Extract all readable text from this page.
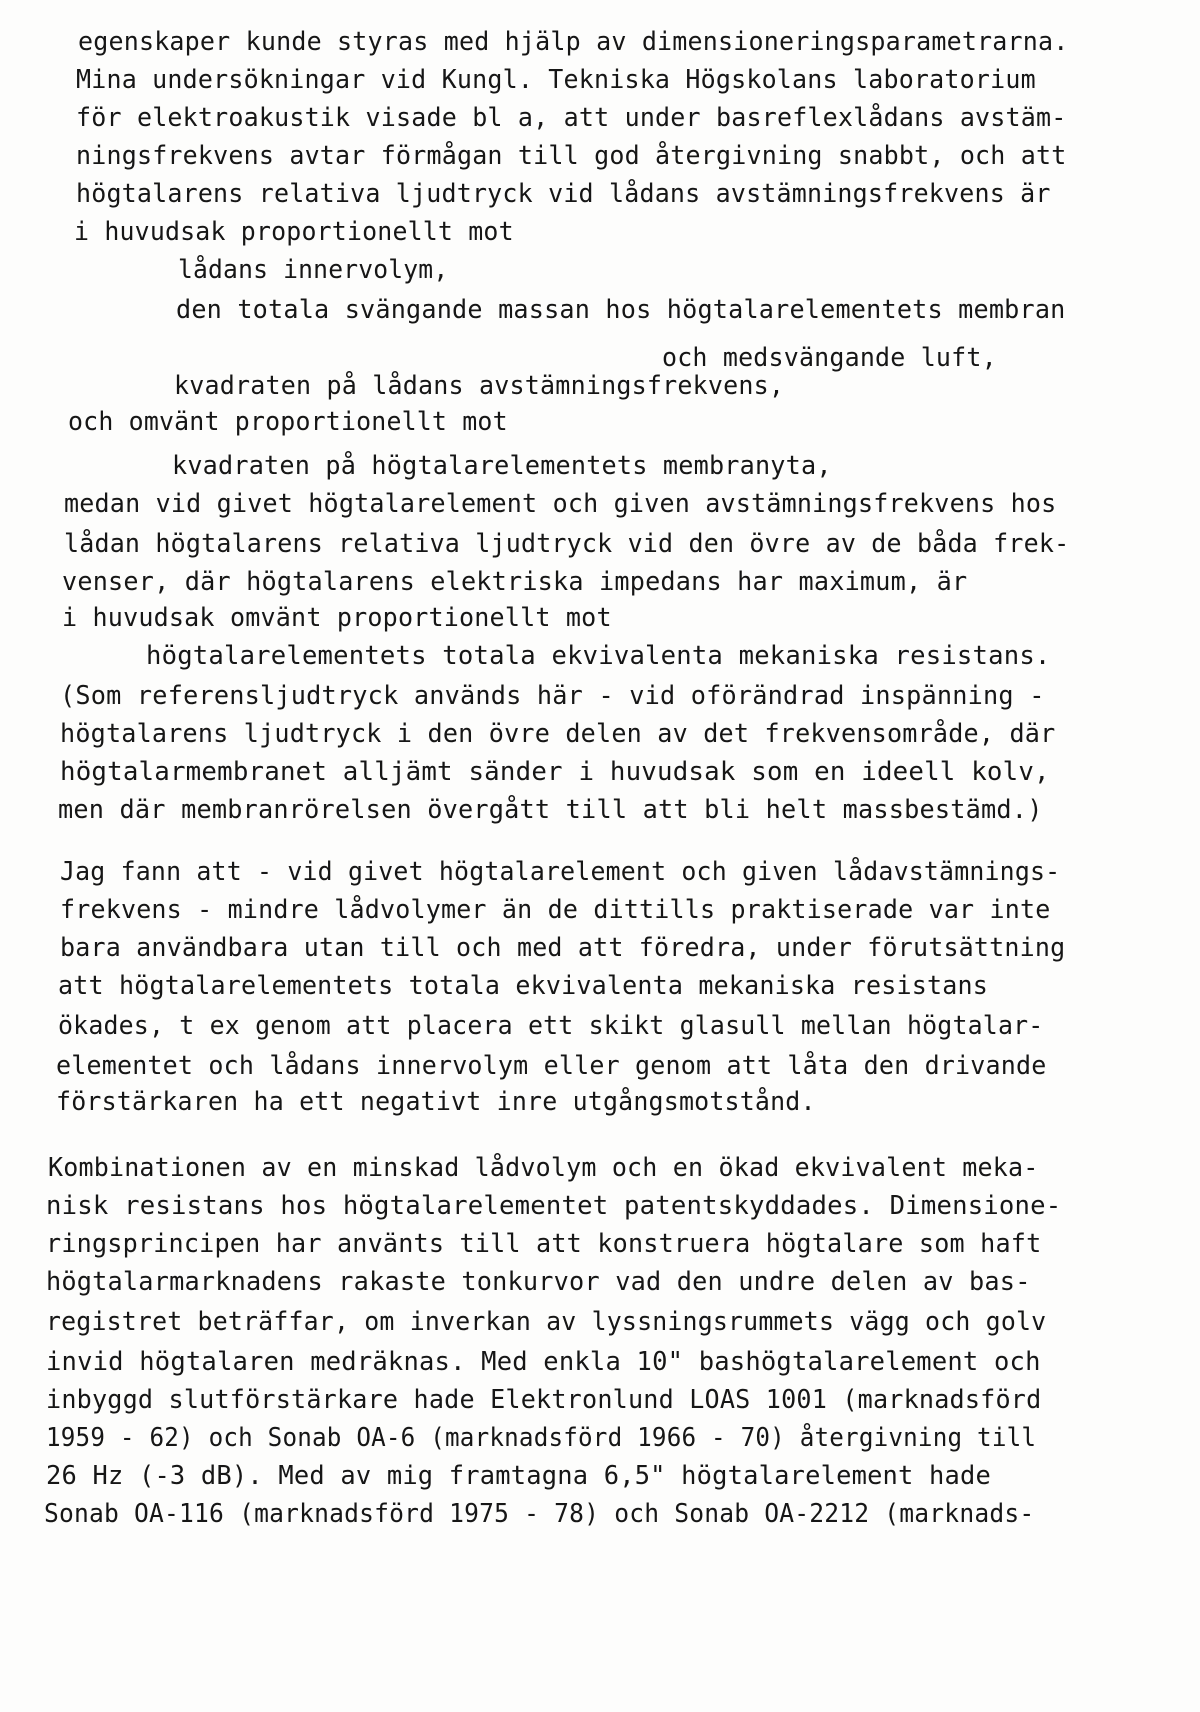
egenskaper kunde styras med hjälp av dimensioneringsparametrarna.
Mina undersökningar vid Kungl. Tekniska Högskolans laboratorium
för elektroakustik visade bl a, att under basreflexlådans avstäm-
ningsfrekvens avtar förmågan till god återgivning snabbt, och att
högtalarens relativa ljudtryck vid lådans avstämningsfrekvens är
i huvudsak proportionellt mot
lådans innervolym,
den totala svängande massan hos högtalarelementets membran
och medsvängande luft,
kvadraten på lådans avstämningsfrekvens,
och omvänt proportionellt mot
kvadraten på högtalarelementets membranyta,
medan vid givet högtalarelement och given avstämningsfrekvens hos
lådan högtalarens relativa ljudtryck vid den övre av de båda frek-
venser, där högtalarens elektriska impedans har maximum, är
i huvudsak omvänt proportionellt mot
högtalarelementets totala ekvivalenta mekaniska resistans.
(Som referensljudtryck används här - vid oförändrad inspänning -
högtalarens ljudtryck i den övre delen av det frekvensområde, där
högtalarmembranet alljämt sänder i huvudsak som en ideell kolv,
men där membranrörelsen övergått till att bli helt massbestämd.)
Jag fann att - vid givet högtalarelement och given lådavstämnings-
frekvens - mindre lådvolymer än de dittills praktiserade var inte
bara användbara utan till och med att föredra, under förutsättning
att högtalarelementets totala ekvivalenta mekaniska resistans
ökades, t ex genom att placera ett skikt glasull mellan högtalar-
elementet och lådans innervolym eller genom att låta den drivande
förstärkaren ha ett negativt inre utgångsmotstånd.
Kombinationen av en minskad lådvolym och en ökad ekvivalent meka-
nisk resistans hos högtalarelementet patentskyddades. Dimensione-
ringsprincipen har använts till att konstruera högtalare som haft
högtalarmarknadens rakaste tonkurvor vad den undre delen av bas-
registret beträffar, om inverkan av lyssningsrummets vägg och golv
invid högtalaren medräknas. Med enkla 10" bashögtalarelement och
inbyggd slutförstärkare hade Elektronlund LOAS 1001 (marknadsförd
1959 - 62) och Sonab OA-6 (marknadsförd 1966 - 70) återgivning till
26 Hz (-3 dB). Med av mig framtagna 6,5" högtalarelement hade
Sonab OA-116 (marknadsförd 1975 - 78) och Sonab OA-2212 (marknads-
